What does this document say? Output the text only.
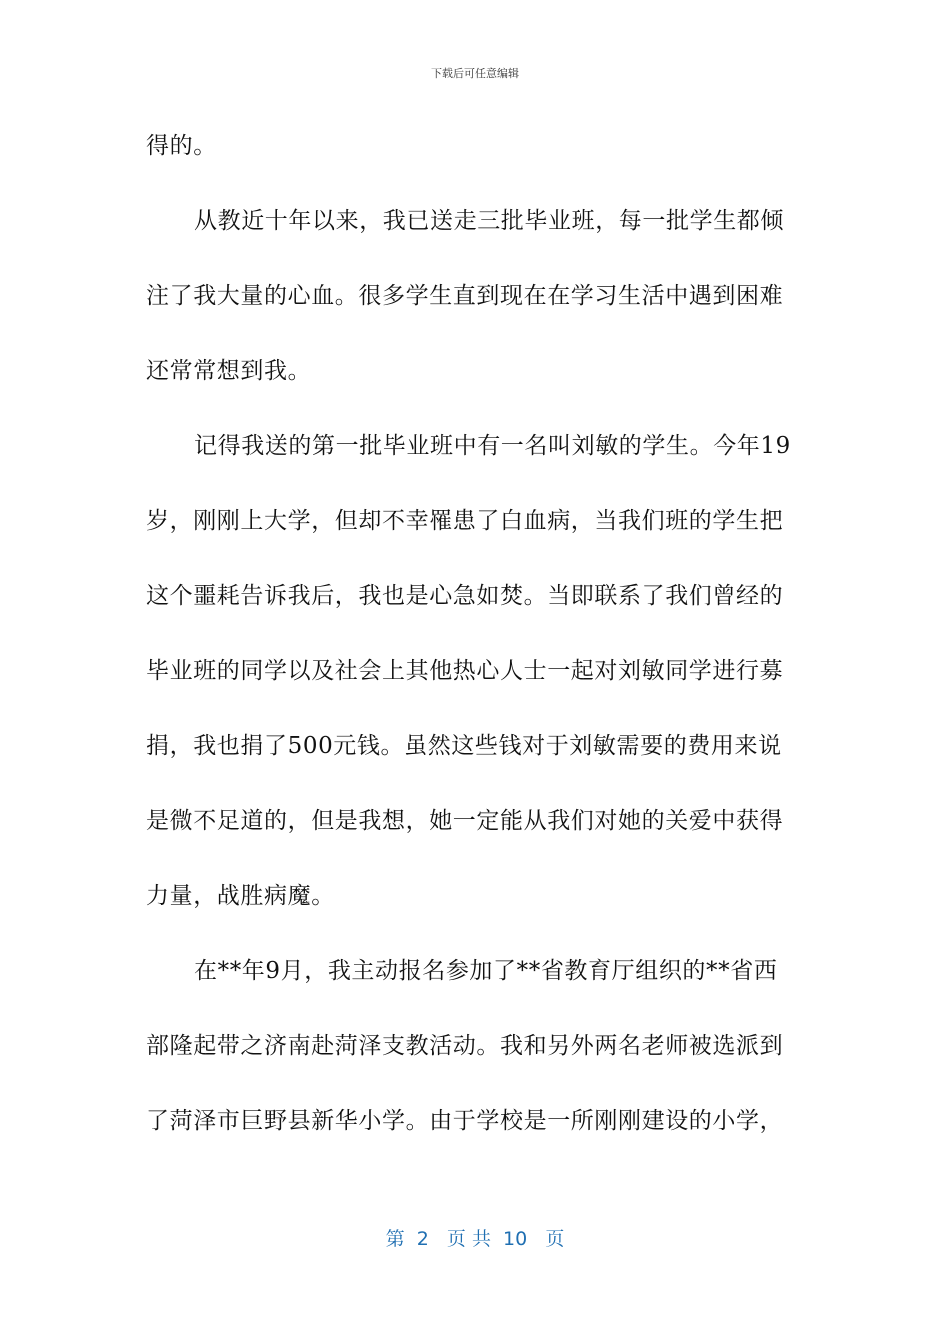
下载后可任意编辑
得的。
从教近十年以来，我已送走三批毕业班，每一批学生都倾
注了我大量的心血。很多学生直到现在在学习生活中遇到困难
还常常想到我。
记得我送的第一批毕业班中有一名叫刘敏的学生。今年19
岁，刚刚上大学，但却不幸罹患了白血病，当我们班的学生把
这个噩耗告诉我后，我也是心急如焚。当即联系了我们曾经的
毕业班的同学以及社会上其他热心人士一起对刘敏同学进行募
捐，我也捐了500元钱。虽然这些钱对于刘敏需要的费用来说
是微不足道的，但是我想，她一定能从我们对她的关爱中获得
力量，战胜病魔。
在**年9月，我主动报名参加了**省教育厅组织的**省西
部隆起带之济南赴菏泽支教活动。我和另外两名老师被选派到
了菏泽市巨野县新华小学。由于学校是一所刚刚建设的小学，
第  2   页 共  10   页
